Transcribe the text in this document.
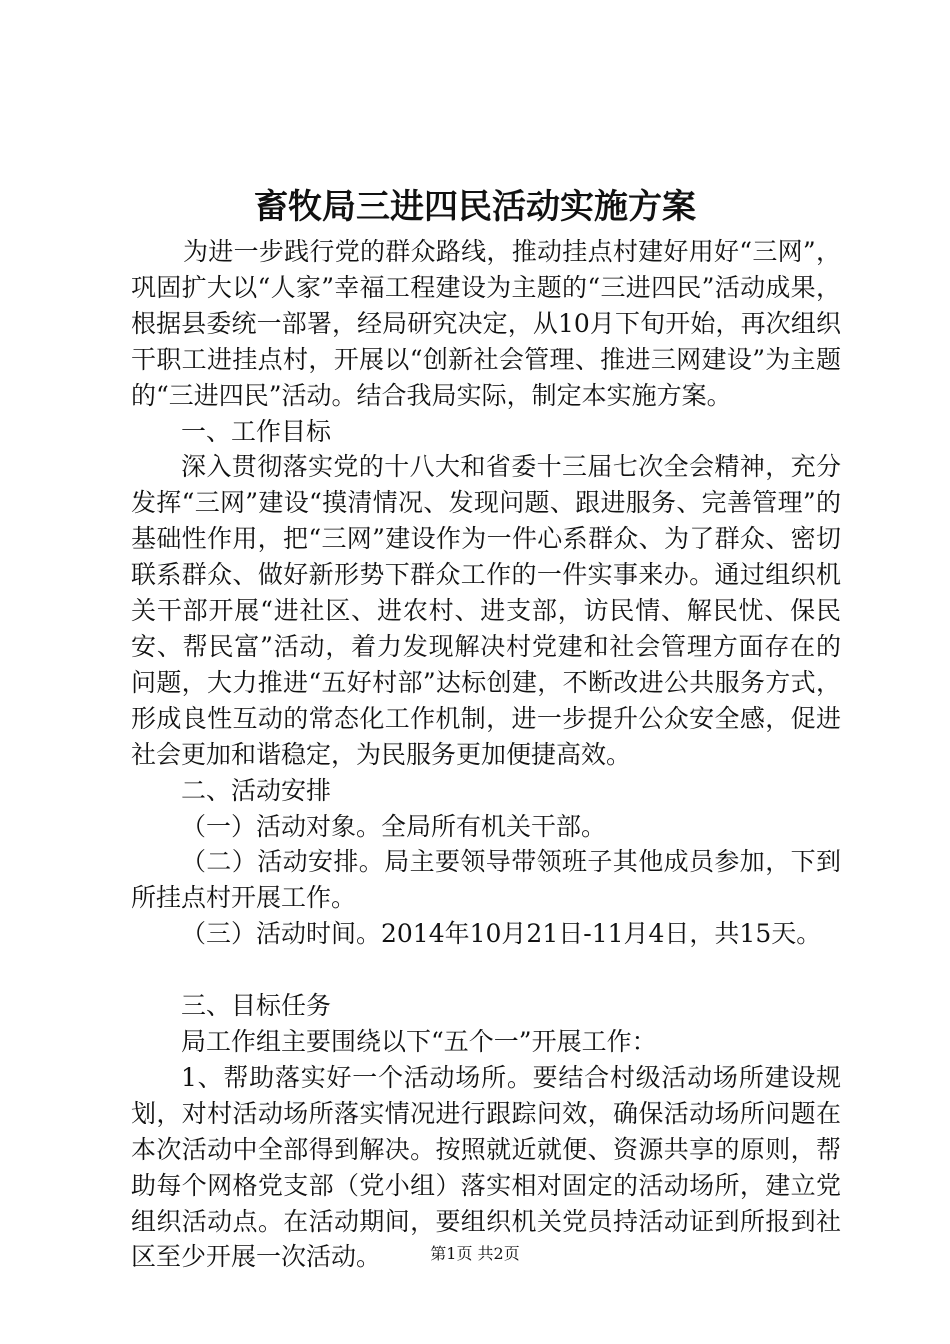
畜牧局三进四民活动实施方案

为进一步践行党的群众路线，推动挂点村建好用好“三网”，巩固扩大以“人家”幸福工程建设为主题的“三进四民”活动成果，根据县委统一部署，经局研究决定，从10月下旬开始，再次组织干职工进挂点村，开展以“创新社会管理、推进三网建设”为主题的“三进四民”活动。结合我局实际，制定本实施方案。

一、工作目标

深入贯彻落实党的十八大和省委十三届七次全会精神，充分发挥“三网”建设“摸清情况、发现问题、跟进服务、完善管理”的基础性作用，把“三网”建设作为一件心系群众、为了群众、密切联系群众、做好新形势下群众工作的一件实事来办。通过组织机关干部开展“进社区、进农村、进支部，访民情、解民忧、保民安、帮民富”活动，着力发现解决村党建和社会管理方面存在的问题，大力推进“五好村部”达标创建，不断改进公共服务方式，形成良性互动的常态化工作机制，进一步提升公众安全感，促进社会更加和谐稳定，为民服务更加便捷高效。

二、活动安排

（一）活动对象。全局所有机关干部。

（二）活动安排。局主要领导带领班子其他成员参加，下到所挂点村开展工作。

（三）活动时间。2014年10月21日-11月4日，共15天。

三、目标任务

局工作组主要围绕以下“五个一”开展工作：

1、帮助落实好一个活动场所。要结合村级活动场所建设规划，对村活动场所落实情况进行跟踪问效，确保活动场所问题在本次活动中全部得到解决。按照就近就便、资源共享的原则，帮助每个网格党支部（党小组）落实相对固定的活动场所，建立党组织活动点。在活动期间，要组织机关党员持活动证到所报到社区至少开展一次活动。	第1页 共2页
